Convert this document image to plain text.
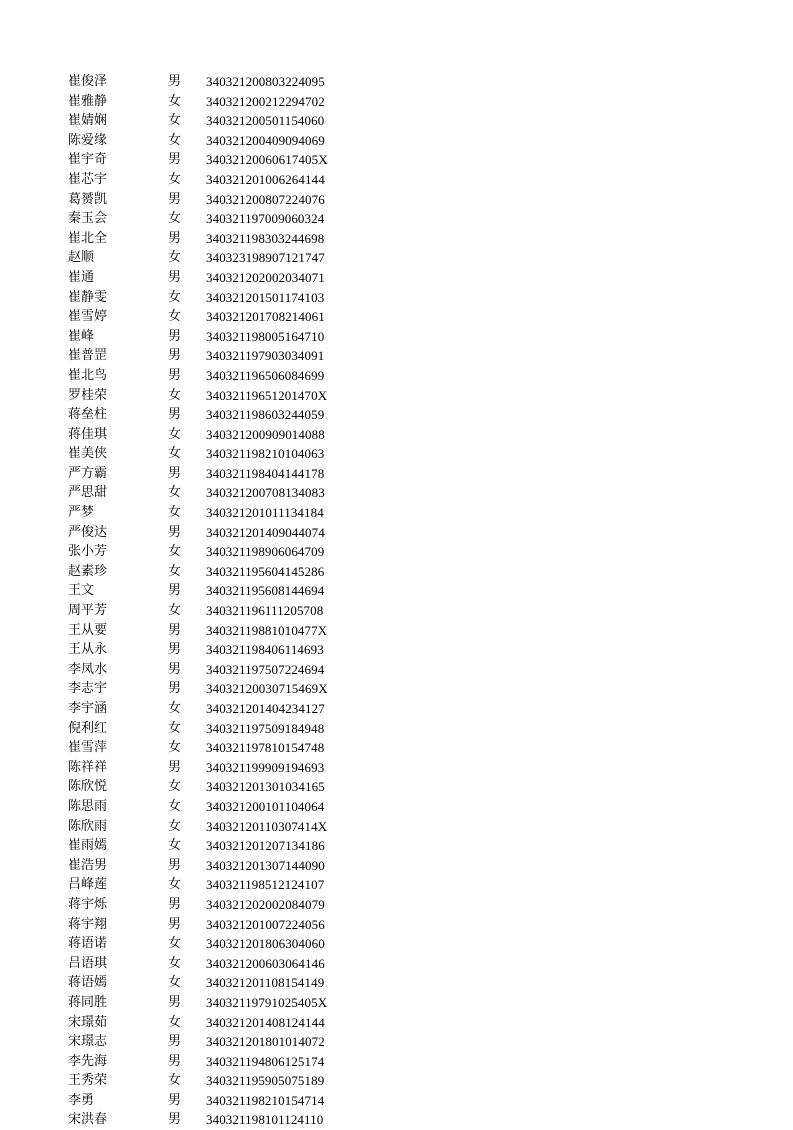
崔俊泽	男	340321200803224095
崔雅静	女	340321200212294702
崔婧娴	女	340321200501154060
陈爱缘	女	340321200409094069
崔宇奇	男	34032120060617405X
崔芯宇	女	340321201006264144
葛赟凯	男	340321200807224076
秦玉会	女	340321197009060324
崔北全	男	340321198303244698
赵顺	女	340323198907121747
崔通	男	340321202002034071
崔静雯	女	340321201501174103
崔雪婷	女	340321201708214061
崔峰	男	340321198005164710
崔普罡	男	340321197903034091
崔北鸟	男	340321196506084699
罗桂荣	女	34032119651201470X
蒋垒柱	男	340321198603244059
蒋佳琪	女	340321200909014088
崔美侠	女	340321198210104063
严方霸	男	340321198404144178
严思甜	女	340321200708134083
严梦	女	340321201011134184
严俊达	男	340321201409044074
张小芳	女	340321198906064709
赵素珍	女	340321195604145286
王文	男	340321195608144694
周平芳	女	340321196111205708
王从要	男	34032119881010477X
王从永	男	340321198406114693
李凤水	男	340321197507224694
李志宇	男	34032120030715469X
李宇涵	女	340321201404234127
倪利红	女	340321197509184948
崔雪萍	女	340321197810154748
陈祥祥	男	340321199909194693
陈欣悦	女	340321201301034165
陈思雨	女	340321200101104064
陈欣雨	女	34032120110307414X
崔雨嫣	女	340321201207134186
崔浩男	男	340321201307144090
吕峰莲	女	340321198512124107
蒋宇烁	男	340321202002084079
蒋宇翔	男	340321201007224056
蒋语诺	女	340321201806304060
吕语琪	女	340321200603064146
蒋语嫣	女	340321201108154149
蒋同胜	男	34032119791025405X
宋璟茹	女	340321201408124144
宋璟志	男	340321201801014072
李先海	男	340321194806125174
王秀荣	女	340321195905075189
李勇	男	340321198210154714
宋洪春	男	340321198101124110
